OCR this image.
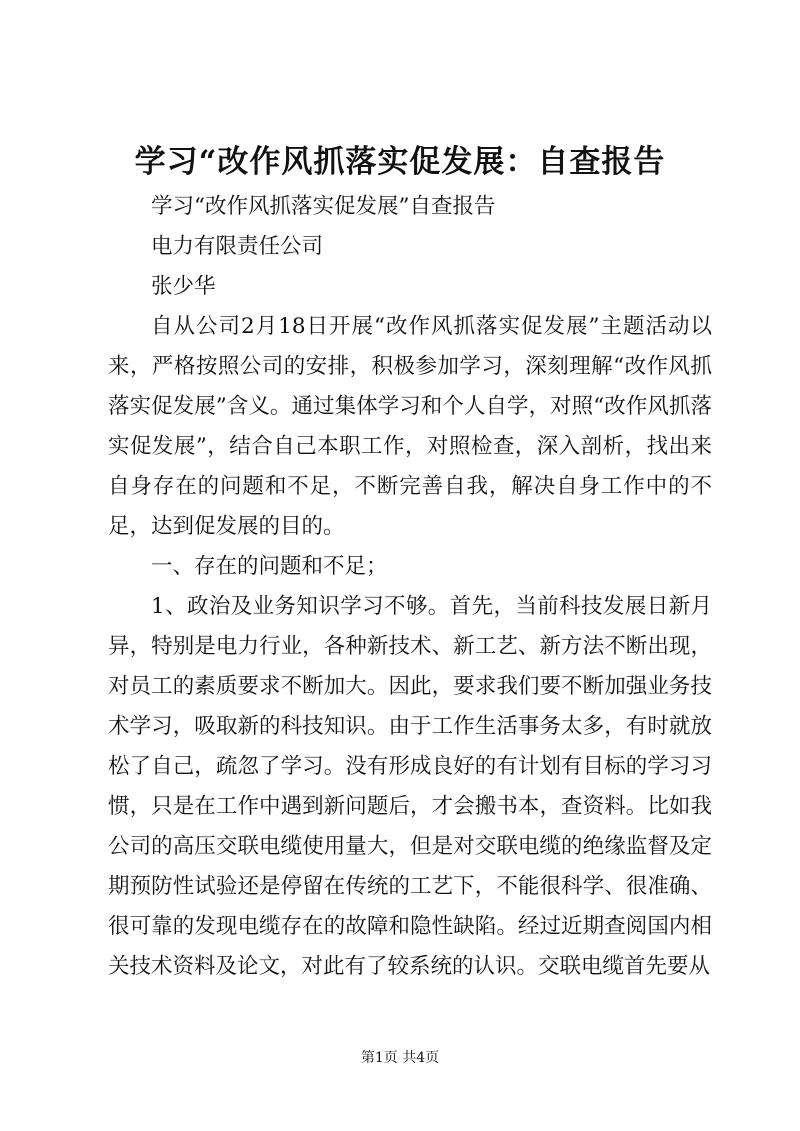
学习“改作风抓落实促发展：自查报告

学习“改作风抓落实促发展”自查报告

电力有限责任公司

张少华

自从公司2月18日开展“改作风抓落实促发展”主题活动以来，严格按照公司的安排，积极参加学习，深刻理解“改作风抓落实促发展”含义。通过集体学习和个人自学，对照“改作风抓落实促发展”，结合自己本职工作，对照检查，深入剖析，找出来自身存在的问题和不足，不断完善自我，解决自身工作中的不足，达到促发展的目的。

一、存在的问题和不足；

1、政治及业务知识学习不够。首先，当前科技发展日新月异，特别是电力行业，各种新技术、新工艺、新方法不断出现，对员工的素质要求不断加大。因此，要求我们要不断加强业务技术学习，吸取新的科技知识。由于工作生活事务太多，有时就放松了自己，疏忽了学习。没有形成良好的有计划有目标的学习习惯，只是在工作中遇到新问题后，才会搬书本，查资料。比如我公司的高压交联电缆使用量大，但是对交联电缆的绝缘监督及定期预防性试验还是停留在传统的工艺下，不能很科学、很准确、很可靠的发现电缆存在的故障和隐性缺陷。经过近期查阅国内相关技术资料及论文，对此有了较系统的认识。交联电缆首先要从

第1页 共4页
